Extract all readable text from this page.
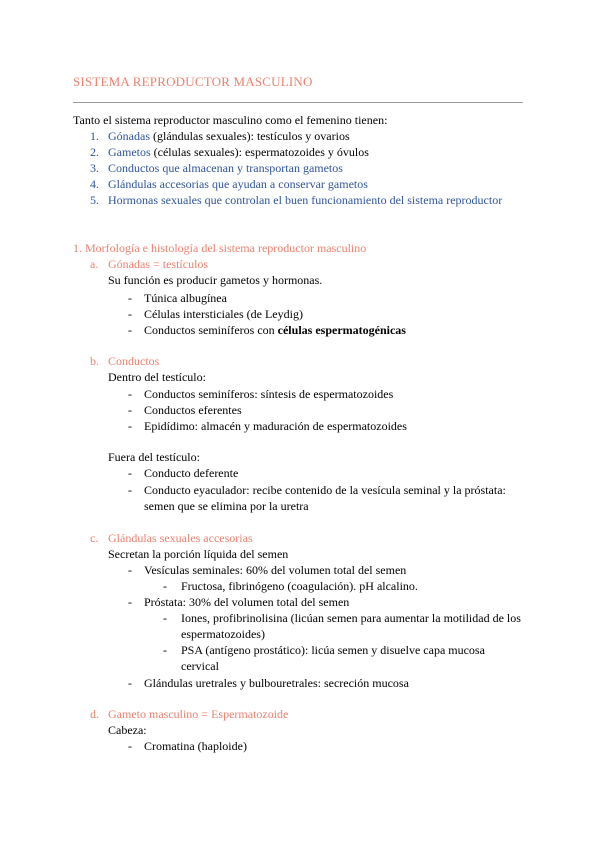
SISTEMA REPRODUCTOR MASCULINO
Tanto el sistema reproductor masculino como el femenino tienen:
1. Gónadas (glándulas sexuales): testículos y ovarios
2. Gametos (células sexuales): espermatozoides y óvulos
3. Conductos que almacenan y transportan gametos
4. Glándulas accesorias que ayudan a conservar gametos
5. Hormonas sexuales que controlan el buen funcionamiento del sistema reproductor
1. Morfología e histología del sistema reproductor masculino
a. Gónadas = testículos
Su función es producir gametos y hormonas.
- Túnica albugínea
- Células intersticiales (de Leydig)
- Conductos seminíferos con células espermatogénicas
b. Conductos
Dentro del testículo:
- Conductos seminíferos: síntesis de espermatozoides
- Conductos eferentes
- Epidídimo: almacén y maduración de espermatozoides
Fuera del testículo:
- Conducto deferente
- Conducto eyaculador: recibe contenido de la vesícula seminal y la próstata:
semen que se elimina por la uretra
c. Glándulas sexuales accesorias
Secretan la porción líquida del semen
- Vesículas seminales: 60% del volumen total del semen
- Fructosa, fibrinógeno (coagulación). pH alcalino.
- Próstata: 30% del volumen total del semen
- Iones, profibrinolisina (licúan semen para aumentar la motilidad de los
espermatozoides)
- PSA (antígeno prostático): licúa semen y disuelve capa mucosa
cervical
- Glándulas uretrales y bulbouretrales: secreción mucosa
d. Gameto masculino = Espermatozoide
Cabeza:
- Cromatina (haploide)
